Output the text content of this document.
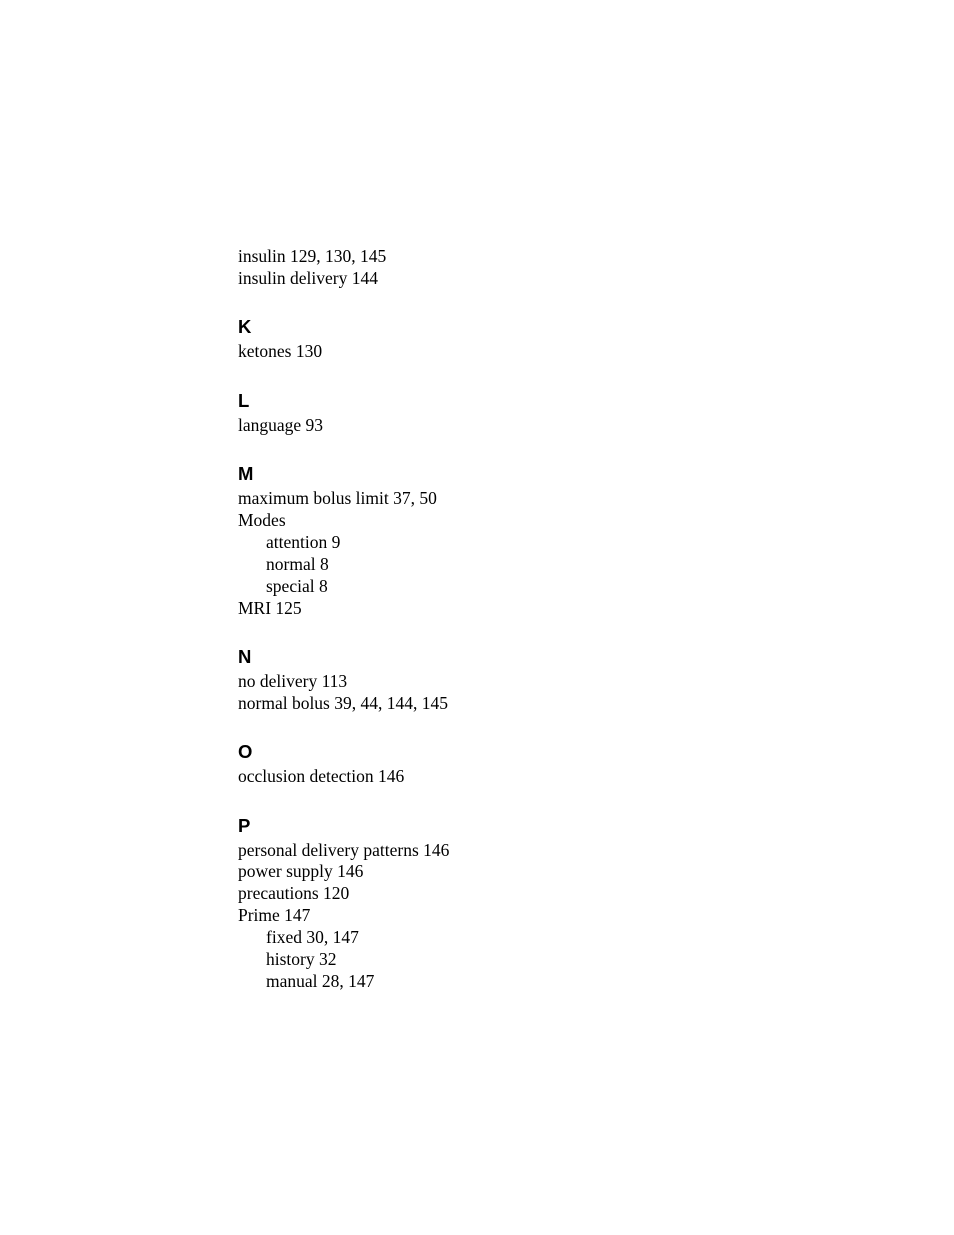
insulin 129, 130, 145
insulin delivery 144
K
ketones 130
L
language 93
M
maximum bolus limit 37, 50
Modes
attention 9
normal 8
special 8
MRI 125
N
no delivery 113
normal bolus 39, 44, 144, 145
O
occlusion detection 146
P
personal delivery patterns 146
power supply 146
precautions 120
Prime 147
fixed 30, 147
history 32
manual 28, 147
